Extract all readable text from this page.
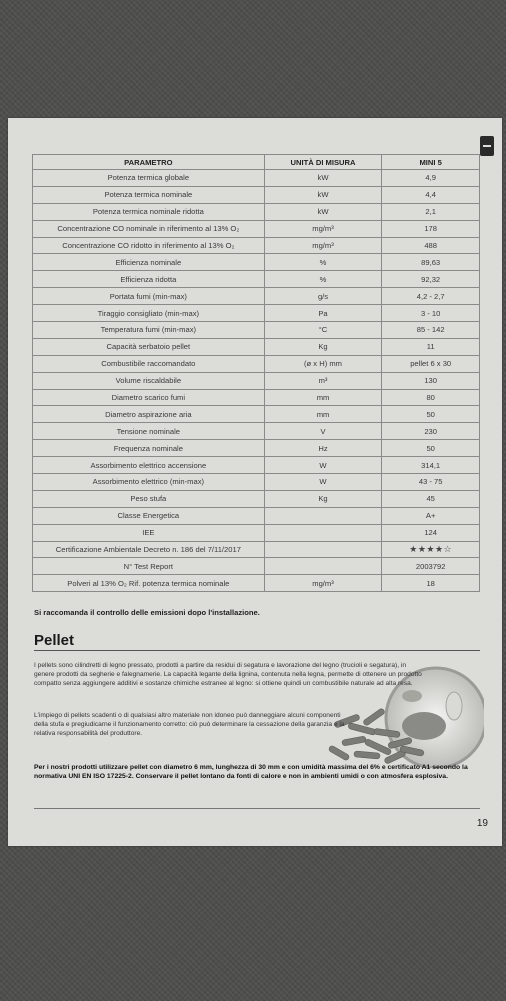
PARAMETRO	UNITÀ DI MISURA	MINI 5
Potenza termica globale	kW	4,9
Potenza termica nominale	kW	4,4
Potenza termica nominale ridotta	kW	2,1
Concentrazione CO nominale in riferimento al 13% O₂	mg/m³	178
Concentrazione CO ridotto in riferimento al 13% O₂	mg/m³	488
Efficienza nominale	%	89,63
Efficienza ridotta	%	92,32
Portata fumi (min-max)	g/s	4,2 - 2,7
Tiraggio consigliato (min-max)	Pa	3 - 10
Temperatura fumi (min-max)	°C	85 - 142
Capacità serbatoio pellet	Kg	11
Combustibile raccomandato	(ø x H) mm	pellet 6 x 30
Volume riscaldabile	m³	130
Diametro scarico fumi	mm	80
Diametro aspirazione aria	mm	50
Tensione nominale	V	230
Frequenza nominale	Hz	50
Assorbimento elettrico accensione	W	314,1
Assorbimento elettrico (min-max)	W	43 - 75
Peso stufa	Kg	45
Classe Energetica		A+
IEE		124
Certificazione Ambientale Decreto n. 186 del 7/11/2017		★★★★☆
N° Test Report		2003792
Polveri al 13% O₂ Rif. potenza termica nominale	mg/m³	18
Si raccomanda il controllo delle emissioni dopo l'installazione.
Pellet
I pellets sono cilindretti di legno pressato, prodotti a partire da residui di segatura e lavorazione del legno (trucioli e segatura), in genere prodotti da segherie e falegnamerie. La capacità legante della lignina, contenuta nella legna, permette di ottenere un prodotto compatto senza aggiungere additivi e sostanze chimiche estranee al legno: si ottiene quindi un combustibile naturale ad alta resa.
L'impiego di pellets scadenti o di qualsiasi altro materiale non idoneo può danneggiare alcuni componenti della stufa e pregiudicarne il funzionamento corretto: ciò può determinare la cessazione della garanzia e la relativa responsabilità del produttore.
Per i nostri prodotti utilizzare pellet con diametro 6 mm, lunghezza di 30 mm e con umidità massima del 6% e certificato A1 secondo la normativa UNI EN ISO 17225-2. Conservare il pellet lontano da fonti di calore e non in ambienti umidi o con atmosfera esplosiva.
19
